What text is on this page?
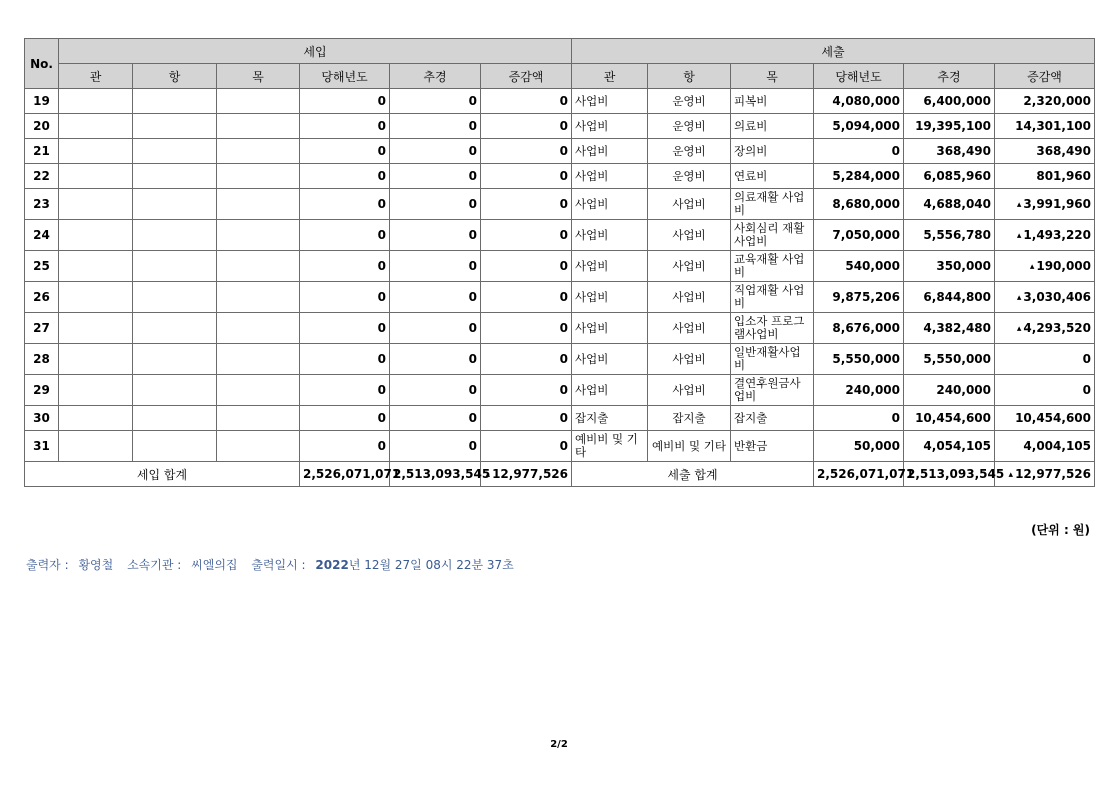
No.	세입						세출					
	관	항	목	당해년도	추경	증감액	관	항	목	당해년도	추경	증감액
19				0	0	0	사업비	운영비	피복비	4,080,000	6,400,000	2,320,000
20				0	0	0	사업비	운영비	의료비	5,094,000	19,395,100	14,301,100
21				0	0	0	사업비	운영비	장의비	0	368,490	368,490
22				0	0	0	사업비	운영비	연료비	5,284,000	6,085,960	801,960
23				0	0	0	사업비	사업비	의료재활 사업비	8,680,000	4,688,040	▴ 3,991,960
24				0	0	0	사업비	사업비	사회심리 재활사업비	7,050,000	5,556,780	▴ 1,493,220
25				0	0	0	사업비	사업비	교육재활 사업비	540,000	350,000	▴ 190,000
26				0	0	0	사업비	사업비	직업재활 사업비	9,875,206	6,844,800	▴ 3,030,406
27				0	0	0	사업비	사업비	입소자 프로그램사업비	8,676,000	4,382,480	▴ 4,293,520
28				0	0	0	사업비	사업비	일반재활사업비	5,550,000	5,550,000	0
29				0	0	0	사업비	사업비	결연후원금사업비	240,000	240,000	0
30				0	0	0	잡지출	잡지출	잡지출	0	10,454,600	10,454,600
31				0	0	0	예비비 및 기타	예비비 및 기타	반환금	50,000	4,054,105	4,004,105
세입 합계				2,526,071,071	2,513,093,545	▴ 12,977,526	세출 합계			2,526,071,071	2,513,093,545	▴ 12,977,526
(단위 : 원)
출력자 : 황영철 소속기관 : 씨엘의집 출력일시 : 2022년 12월 27일 08시 22분 37초
2/2
